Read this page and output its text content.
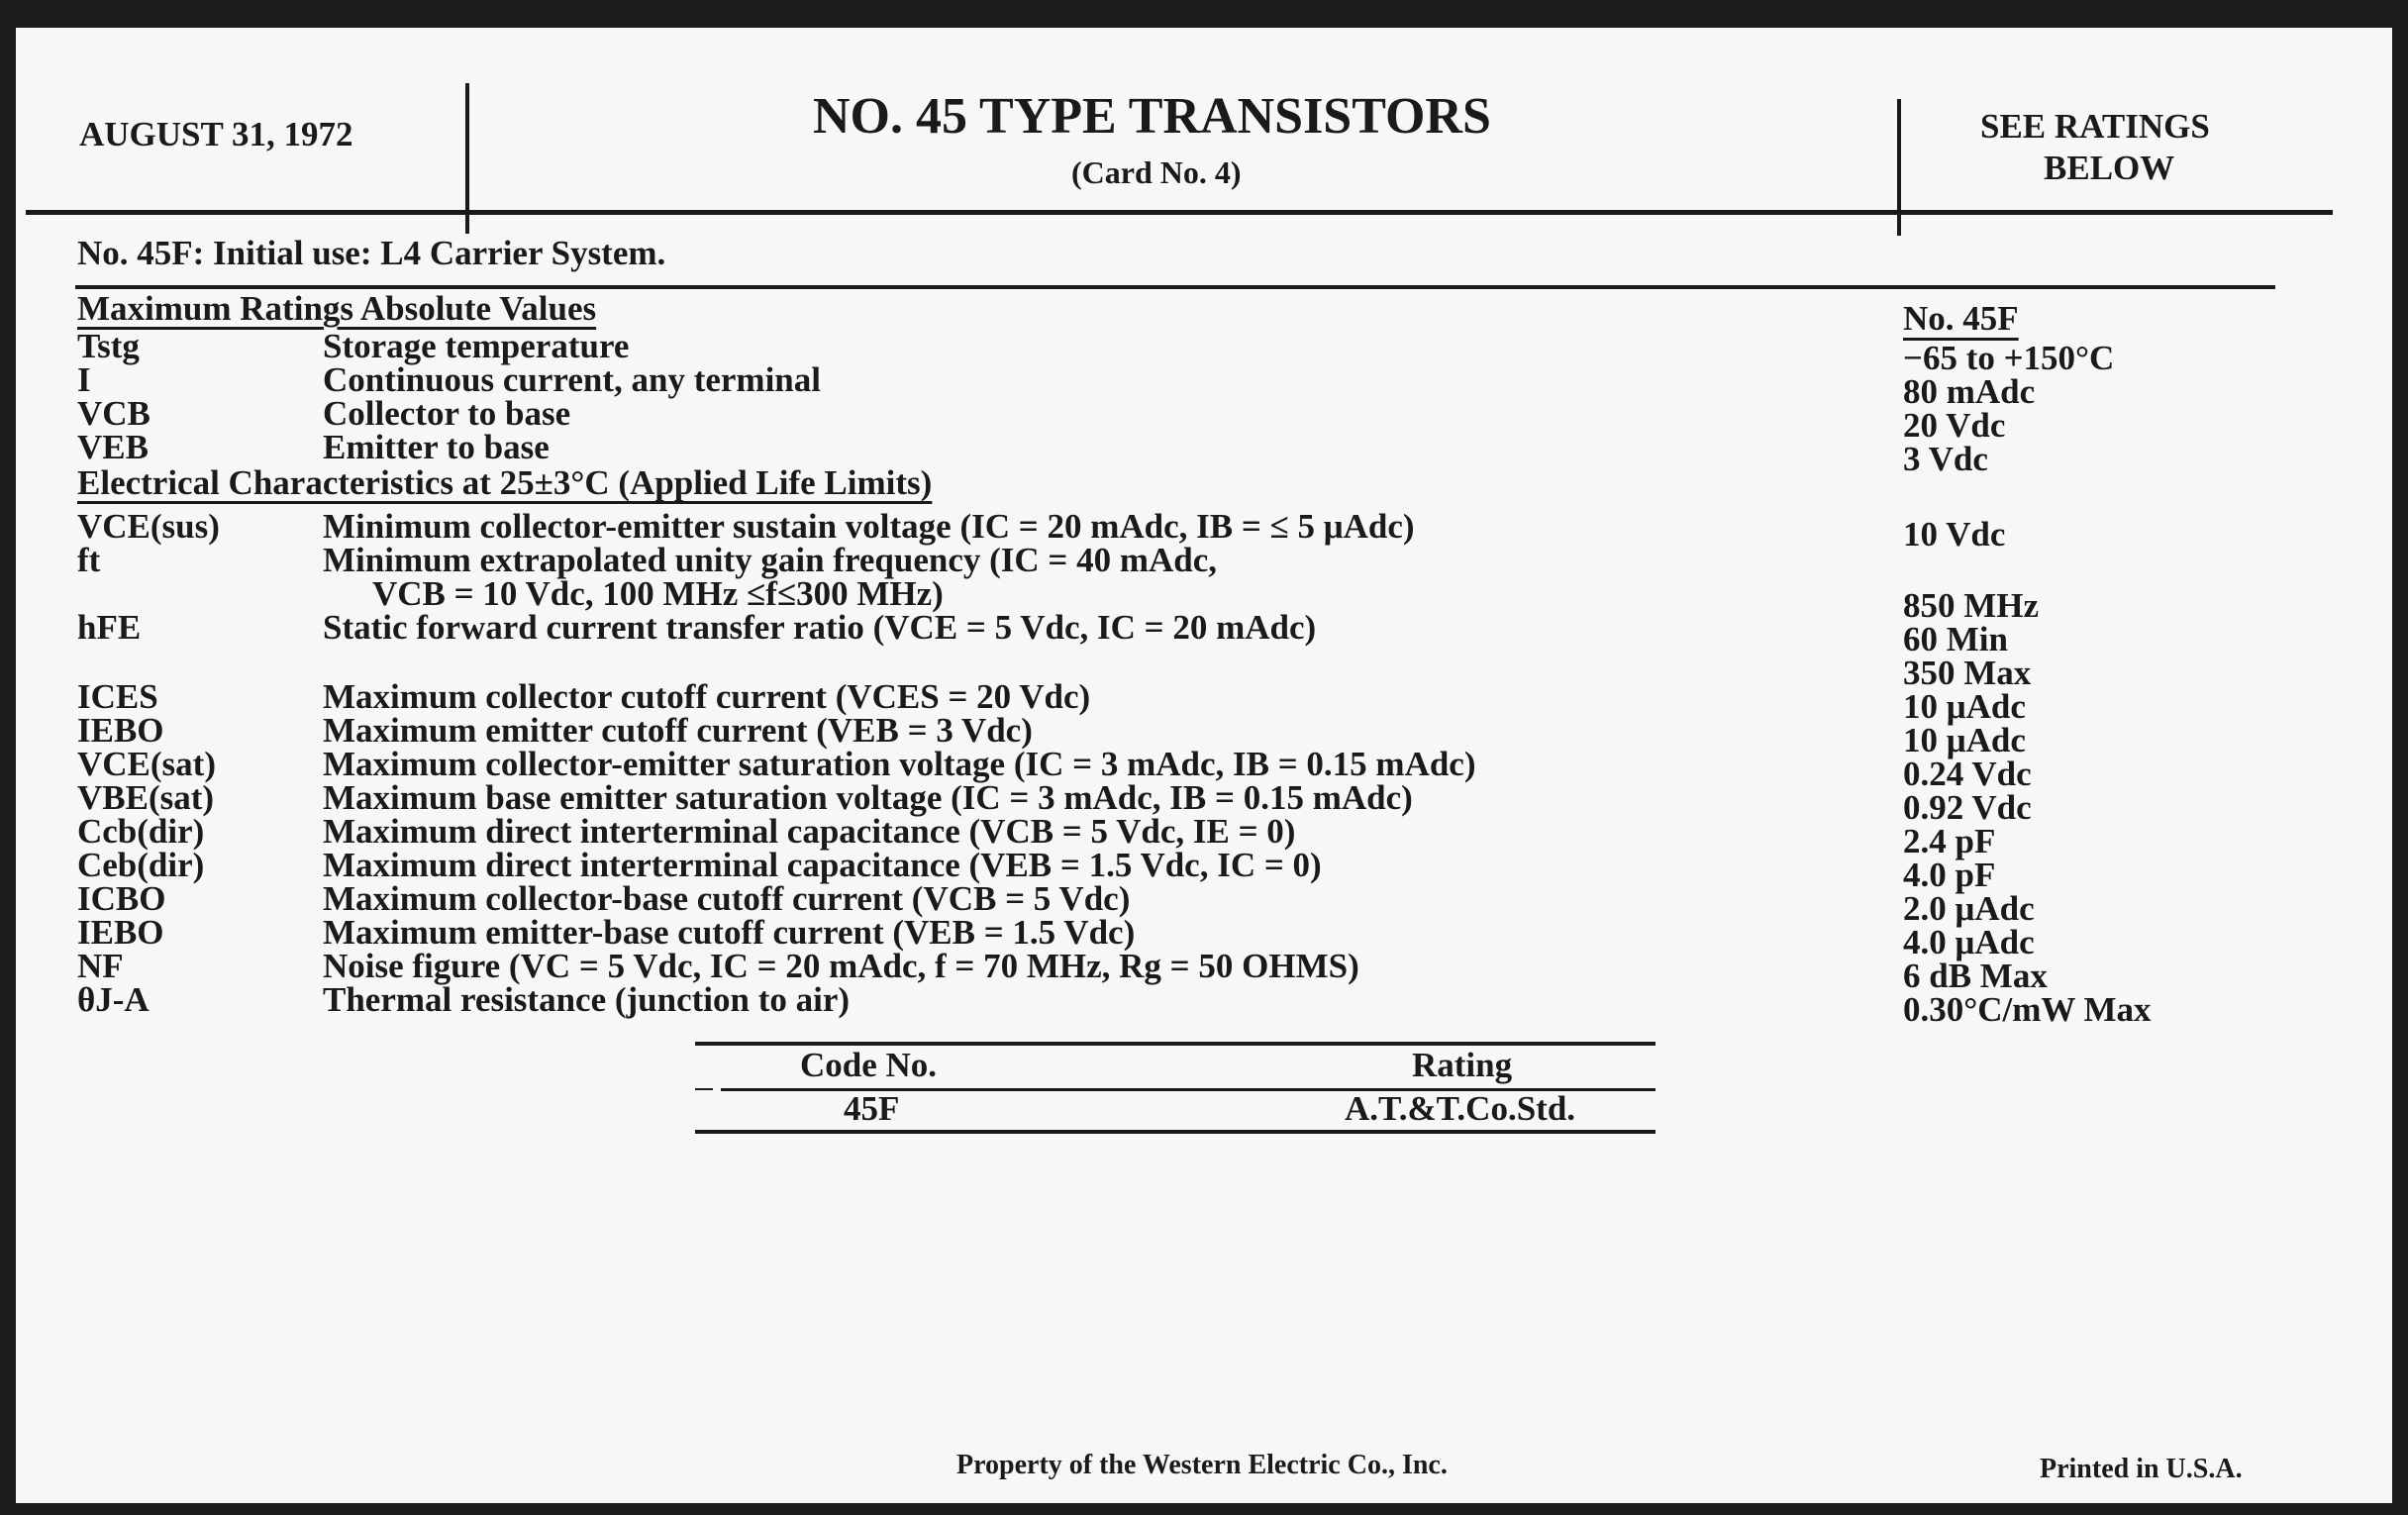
AUGUST 31, 1972	NO. 45 TYPE TRANSISTORS
(Card No. 4)
SEE RATINGS
BELOW
No. 45F: Initial use: L4 Carrier System.
Maximum Ratings Absolute Values	No. 45F
Tstg	Storage temperature	−65 to +150°C
I	Continuous current, any terminal	80 mAdc
VCB	Collector to base	20 Vdc
VEB	Emitter to base	3 Vdc
Electrical Characteristics at 25±3°C (Applied Life Limits)
VCE(sus)	Minimum collector-emitter sustain voltage (IC = 20 mAdc, IB = ≤ 5 μAdc)	10 Vdc
ft	Minimum extrapolated unity gain frequency (IC = 40 mAdc,
VCB = 10 Vdc, 100 MHz ≤f≤300 MHz)	850 MHz
hFE	Static forward current transfer ratio (VCE = 5 Vdc, IC = 20 mAdc)	60 Min
350 Max
ICES	Maximum collector cutoff current (VCES = 20 Vdc)	10 μAdc
IEBO	Maximum emitter cutoff current (VEB = 3 Vdc)	10 μAdc
VCE(sat)	Maximum collector-emitter saturation voltage (IC = 3 mAdc, IB = 0.15 mAdc)	0.24 Vdc
VBE(sat)	Maximum base emitter saturation voltage (IC = 3 mAdc, IB = 0.15 mAdc)	0.92 Vdc
Ccb(dir)	Maximum direct interterminal capacitance (VCB = 5 Vdc, IE = 0)	2.4 pF
Ceb(dir)	Maximum direct interterminal capacitance (VEB = 1.5 Vdc, IC = 0)	4.0 pF
ICBO	Maximum collector-base cutoff current (VCB = 5 Vdc)	2.0 μAdc
IEBO	Maximum emitter-base cutoff current (VEB = 1.5 Vdc)	4.0 μAdc
NF	Noise figure (VC = 5 Vdc, IC = 20 mAdc, f = 70 MHz, Rg = 50 OHMS)	6 dB Max
θJ-A	Thermal resistance (junction to air)	0.30°C/mW Max
Code No.	Rating
45F	A.T.&T.Co.Std.
Property of the Western Electric Co., Inc.	Printed in U.S.A.
